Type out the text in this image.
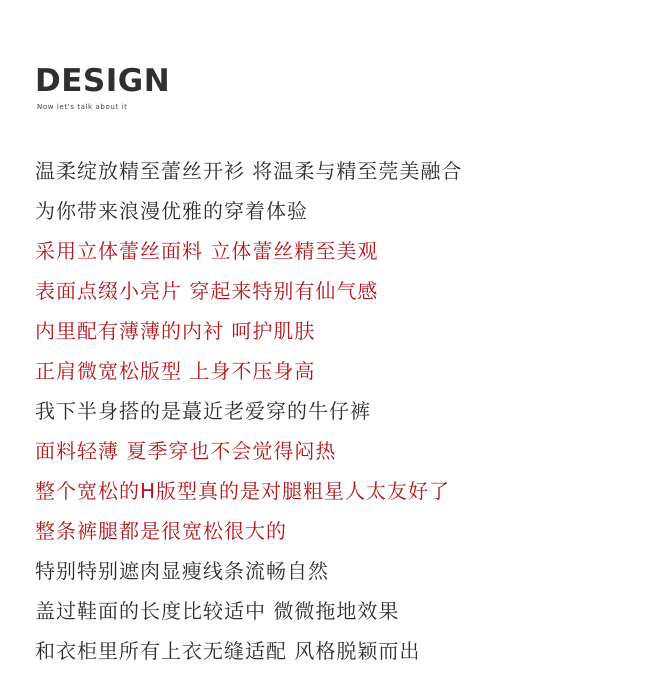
DESIGN
Now let's talk about it
温柔绽放精至蕾丝开衫 将温柔与精至莞美融合
为你带来浪漫优雅的穿着体验
采用立体蕾丝面料 立体蕾丝精至美观
表面点缀小亮片 穿起来特别有仙气感
内里配有薄薄的内衬 呵护肌肤
正肩微宽松版型 上身不压身高
我下半身搭的是蕞近老爱穿的牛仔裤
面料轻薄 夏季穿也不会觉得闷热
整个宽松的H版型真的是对腿粗星人太友好了
整条裤腿都是很宽松很大的
特别特别遮肉显瘦线条流畅自然
盖过鞋面的长度比较适中 微微拖地效果
和衣柜里所有上衣无缝适配 风格脱颖而出
